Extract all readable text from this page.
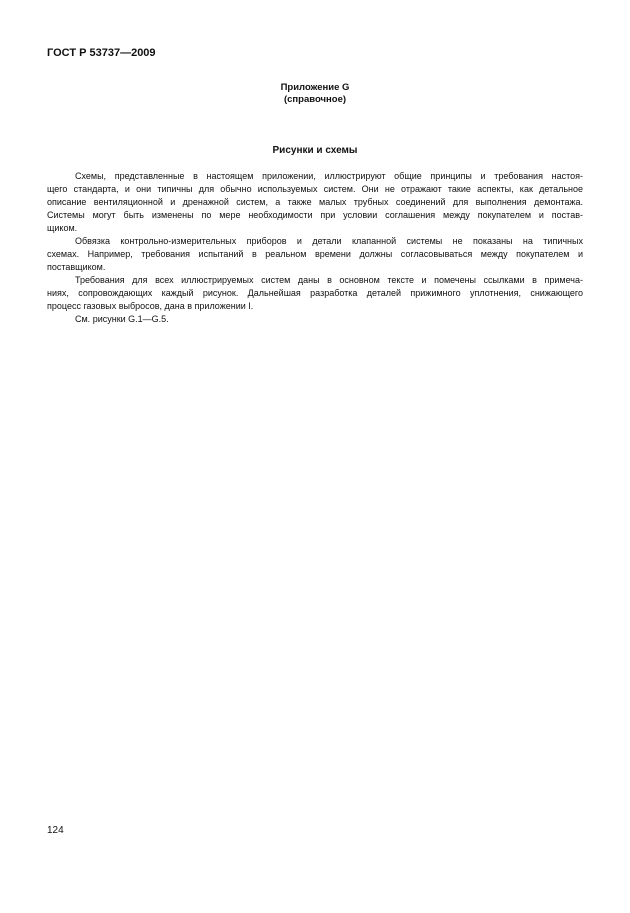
ГОСТ Р 53737—2009
Приложение G
(справочное)
Рисунки и схемы
Схемы, представленные в настоящем приложении, иллюстрируют общие принципы и требования настоя-
щего стандарта, и они типичны для обычно используемых систем. Они не отражают такие аспекты, как детальное
описание вентиляционной и дренажной систем, а также малых трубных соединений для выполнения демонтажа.
Системы могут быть изменены по мере необходимости при условии соглашения между покупателем и постав-
щиком.
Обвязка контрольно-измерительных приборов и детали клапанной системы не показаны на типичных
схемах. Например, требования испытаний в реальном времени должны согласовываться между покупателем и
поставщиком.
Требования для всех иллюстрируемых систем даны в основном тексте и помечены ссылками в примеча-
ниях, сопровождающих каждый рисунок. Дальнейшая разработка деталей прижимного уплотнения, снижающего
процесс газовых выбросов, дана в приложении I.
См. рисунки G.1—G.5.
124
